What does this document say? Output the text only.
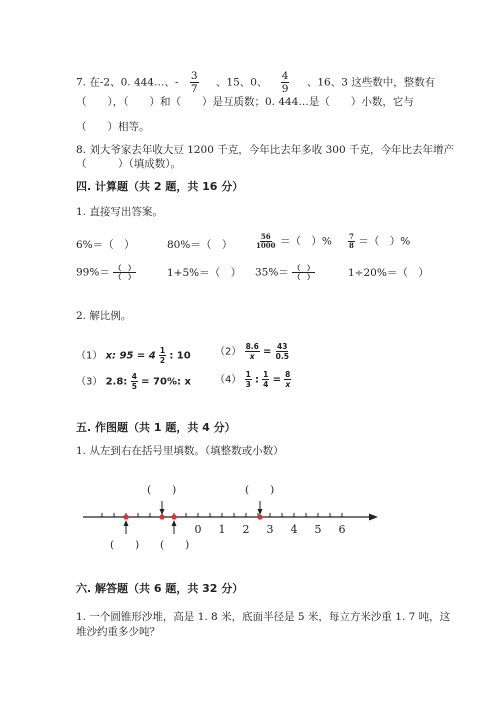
7. 在-2、0. 444…、- $\frac{3}{7}$ 、15、0、 $\frac{4}{9}$ 、16、3 这些数中，整数有
（　　），（　　）和（　　）是互质数；0. 444…是（　　）小数，它与
（　　）相等。
8. 刘大爷家去年收大豆 1200 千克，今年比去年多收 300 千克，今年比去年增产
（　　　）（填成数）。
四. 计算题（共 2 题，共 16 分）
1. 直接写出答案。
6%＝（　）	80%＝（　）	$\frac{56}{1000}$ ＝（　）% $\frac{7}{8}$ ＝（　）%
$99\%= \frac{( )}{( )}$	1+5%＝（　） $35\%= \frac{( )}{( )}$	1÷20%＝（　）
2. 解比例。
（1） x: $95 = 4 \frac{1}{2}$ : 10 $(2) \frac{8.6}{x} = \frac{43}{0.5}$
（3） 2.8: $\frac{4}{5} = 70\%$: x $(4) \frac{1}{3}$ : $\frac{1}{4} = \frac{8}{x}$
五. 作图题（共 1 题，共 4 分）
1. 从左到右在括号里填数。（填整数或小数）
0 1 2 3 4 5 6
(　　)	(　　)
(　　) (　　)
六. 解答题（共 6 题，共 32 分）
1. 一个圆锥形沙堆，高是 1. 8 米，底面半径是 5 米，每立方米沙重 1. 7 吨，这
堆沙约重多少吨？
